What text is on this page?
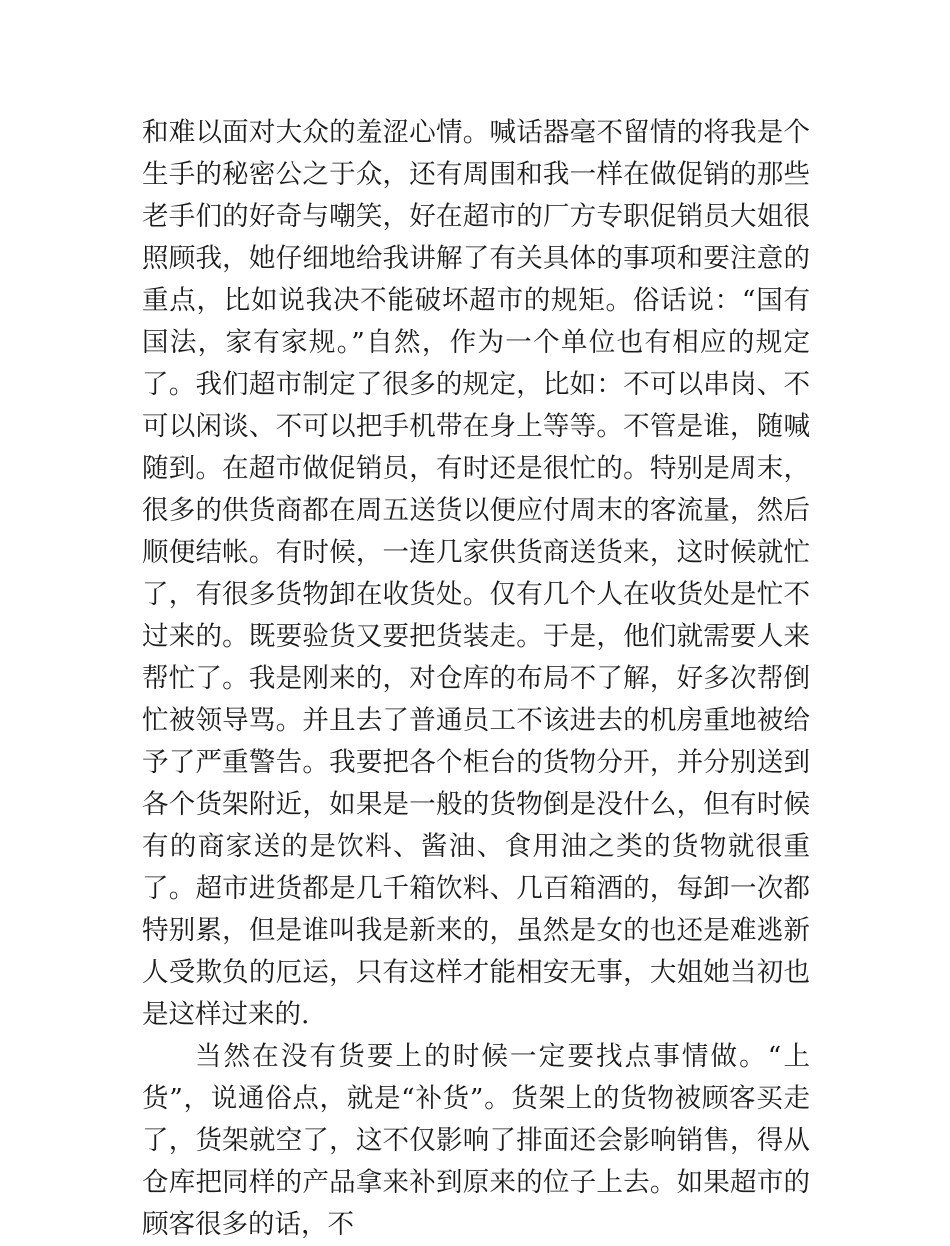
和难以面对大众的羞涩心情。喊话器毫不留情的将我是个生手的秘密公之于众，还有周围和我一样在做促销的那些老手们的好奇与嘲笑，好在超市的厂方专职促销员大姐很照顾我，她仔细地给我讲解了有关具体的事项和要注意的重点，比如说我决不能破坏超市的规矩。俗话说：“国有国法，家有家规。”自然，作为一个单位也有相应的规定了。我们超市制定了很多的规定，比如：不可以串岗、不可以闲谈、不可以把手机带在身上等等。不管是谁，随喊随到。在超市做促销员，有时还是很忙的。特别是周末，很多的供货商都在周五送货以便应付周末的客流量，然后顺便结帐。有时候，一连几家供货商送货来，这时候就忙了，有很多货物卸在收货处。仅有几个人在收货处是忙不过来的。既要验货又要把货装走。于是，他们就需要人来帮忙了。我是刚来的，对仓库的布局不了解，好多次帮倒忙被领导骂。并且去了普通员工不该进去的机房重地被给予了严重警告。我要把各个柜台的货物分开，并分别送到各个货架附近，如果是一般的货物倒是没什么，但有时候有的商家送的是饮料、酱油、食用油之类的货物就很重了。超市进货都是几千箱饮料、几百箱酒的，每卸一次都特别累，但是谁叫我是新来的，虽然是女的也还是难逃新人受欺负的厄运，只有这样才能相安无事，大姐她当初也是这样过来的.

当然在没有货要上的时候一定要找点事情做。“上货”，说通俗点，就是“补货”。货架上的货物被顾客买走了，货架就空了，这不仅影响了排面还会影响销售，得从仓库把同样的产品拿来补到原来的位子上去。如果超市的顾客很多的话，不
